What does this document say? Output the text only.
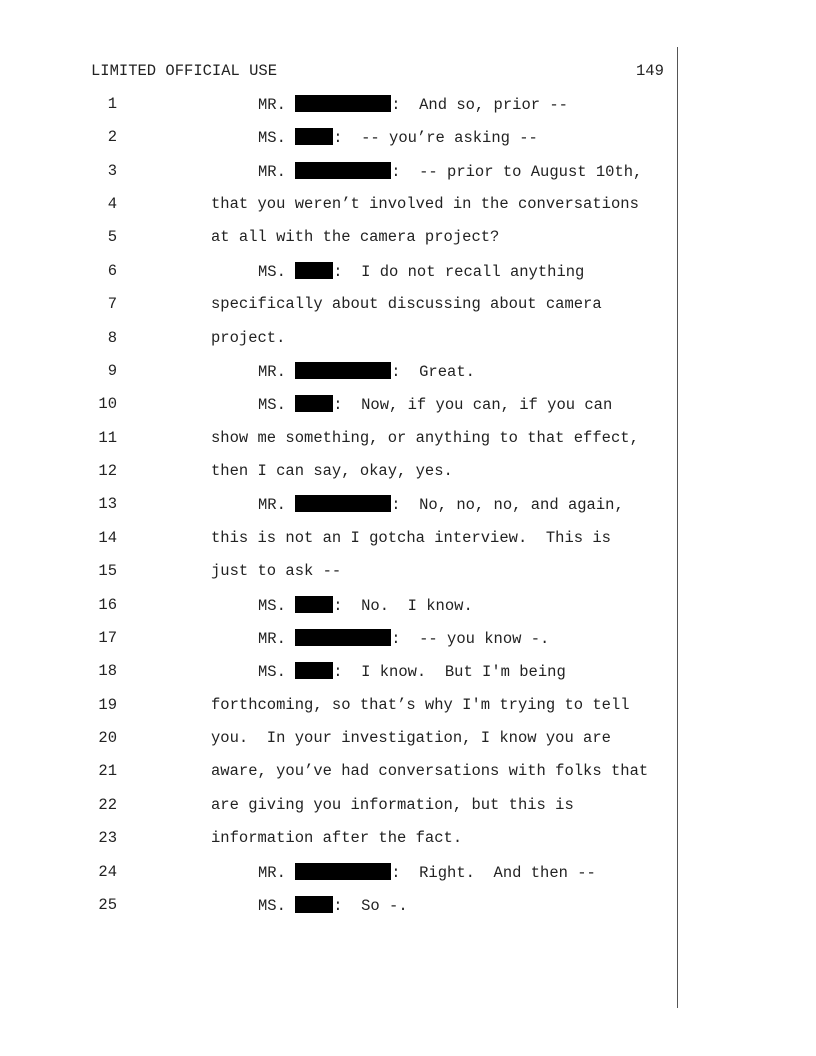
LIMITED OFFICIAL USE	149
1	MR.	:  And so, prior --
2	MS.	:  -- you’re asking --
3	MR.	:  -- prior to August 10th,
4	that you weren’t involved in the conversations
5	at all with the camera project?
6	MS.	:  I do not recall anything
7	specifically about discussing about camera
8	project.
9	MR.	:  Great.
10	MS.	:  Now, if you can, if you can
11	show me something, or anything to that effect,
12	then I can say, okay, yes.
13	MR.	:  No, no, no, and again,
14	this is not an I gotcha interview.  This is
15	just to ask --
16	MS.	:  No.  I know.
17	MR.	:  -- you know -.
18	MS.	:  I know.  But I'm being
19	forthcoming, so that’s why I'm trying to tell
20	you.  In your investigation, I know you are
21	aware, you’ve had conversations with folks that
22	are giving you information, but this is
23	information after the fact.
24	MR.	:  Right.  And then --
25	MS.	:  So -.
